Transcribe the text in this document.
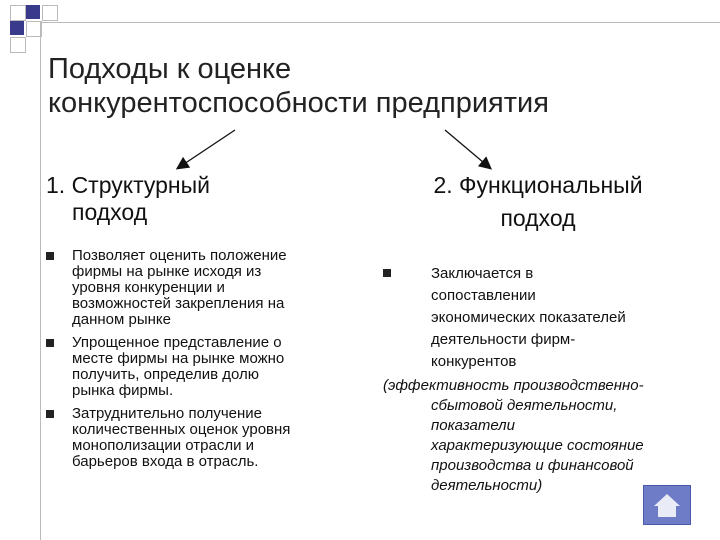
Подходы к оценке
конкурентоспособности предприятия
1. Структурный
подход
2. Функциональный
подход
Позволяет оценить положение
фирмы на рынке исходя из
уровня конкуренции и
возможностей закрепления на
данном рынке
Упрощенное представление о
месте фирмы на рынке можно
получить, определив долю
рынка фирмы.
Затруднительно получение
количественных оценок уровня
монополизации отрасли и
барьеров входа в отрасль.
Заключается в
сопоставлении
экономических показателей
деятельности фирм-
конкурентов
(эффективность производственно-
сбытовой деятельности,
показатели
характеризующие состояние
производства и финансовой
деятельности)
